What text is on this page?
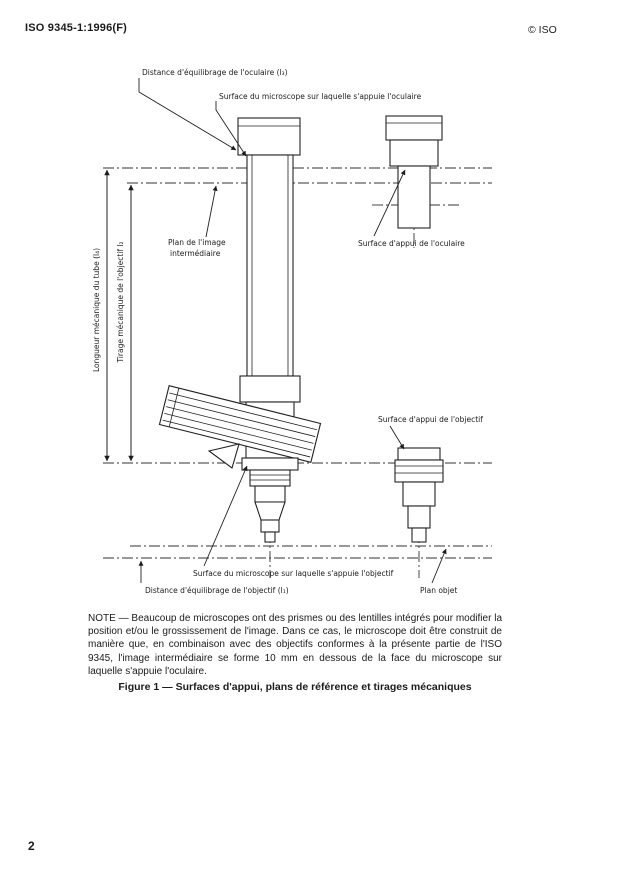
ISO 9345-1:1996(F)	© ISO
Distance d'équilibrage de l'oculaire (l₃)
Surface du microscope sur laquelle s'appuie l'oculaire
Plan de l'image
intermédiaire
Surface d'appui de l'oculaire
Longueur mécanique du tube (l₄) Tirage mécanique de l'objectif l₂
Surface d'appui de l'objectif
Surface du microscope sur laquelle s'appuie l'objectif
Distance d'équilibrage de l'objectif (l₁)	Plan objet
NOTE — Beaucoup de microscopes ont des prismes ou des lentilles intégrés pour modifier la position et/ou le grossissement de l'image. Dans ce cas, le microscope doit être construit de manière que, en combinaison avec des objectifs conformes à la présente partie de l'ISO 9345, l'image intermédiaire se forme 10 mm en dessous de la face du microscope sur laquelle s'appuie l'oculaire.
Figure 1 — Surfaces d'appui, plans de référence et tirages mécaniques
2
